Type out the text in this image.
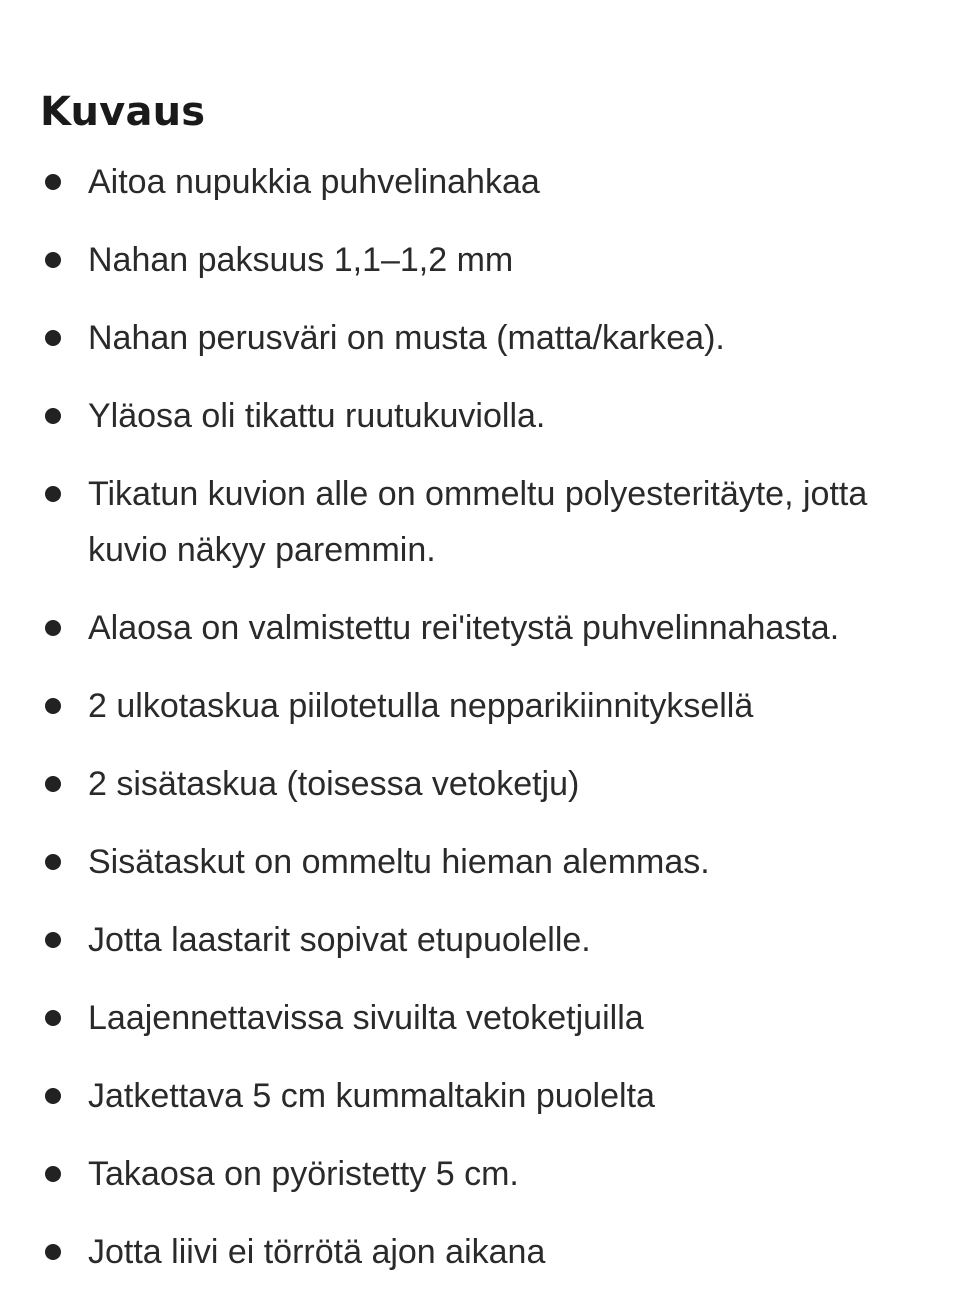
Kuvaus
Aitoa nupukkia puhvelinahkaa
Nahan paksuus 1,1–1,2 mm
Nahan perusväri on musta (matta/karkea).
Yläosa oli tikattu ruutukuviolla.
Tikatun kuvion alle on ommeltu polyesteritäyte, jotta kuvio näkyy paremmin.
Alaosa on valmistettu rei'itetystä puhvelinnahasta.
2 ulkotaskua piilotetulla nepparikiinnityksellä
2 sisätaskua (toisessa vetoketju)
Sisätaskut on ommeltu hieman alemmas.
Jotta laastarit sopivat etupuolelle.
Laajennettavissa sivuilta vetoketjuilla
Jatkettava 5 cm kummaltakin puolelta
Takaosa on pyöristetty 5 cm.
Jotta liivi ei törrötä ajon aikana
